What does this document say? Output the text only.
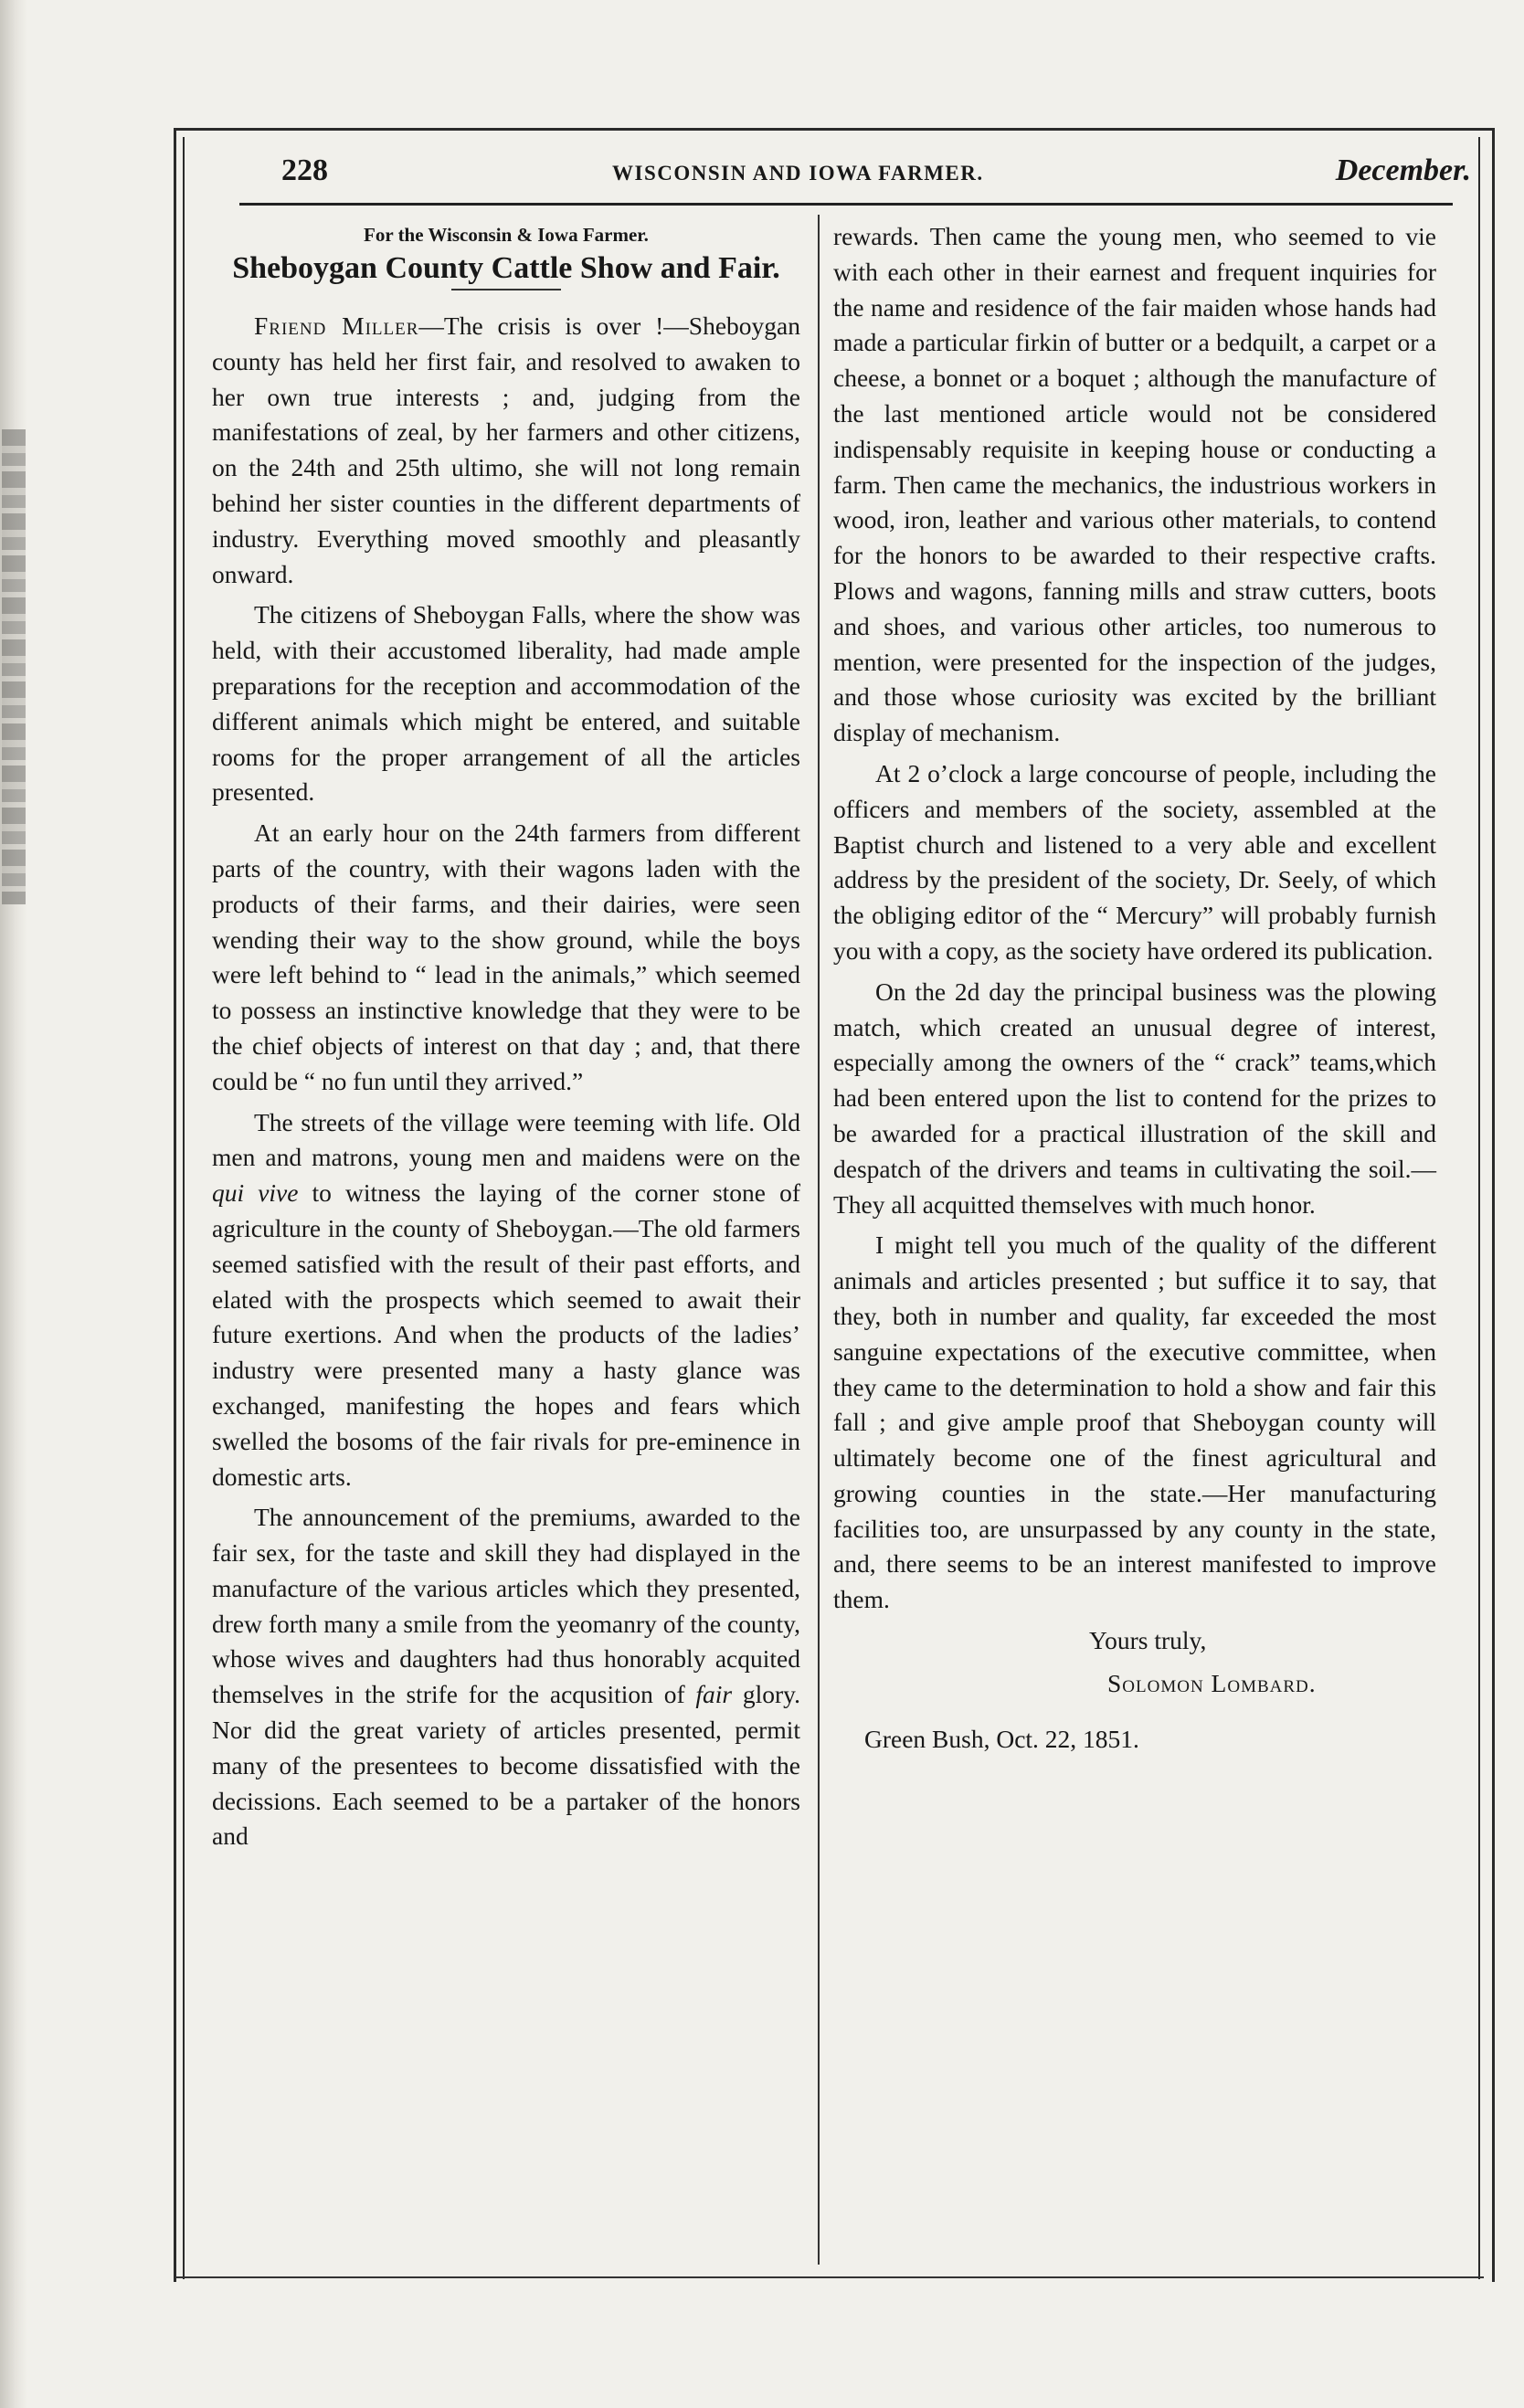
228	WISCONSIN AND IOWA FARMER.	December.
For the Wisconsin & Iowa Farmer.
Sheboygan County Cattle Show and Fair.

Friend Miller—The crisis is over !—Sheboygan county has held her first fair, and resolved to awaken to her own true interests ; and, judging from the manifestations of zeal, by her farmers and other citizens, on the 24th and 25th ultimo, she will not long remain behind her sister counties in the different departments of industry. Everything moved smoothly and pleasantly onward.

The citizens of Sheboygan Falls, where the show was held, with their accustomed liberality, had made ample preparations for the reception and accommodation of the different animals which might be entered, and suitable rooms for the proper arrangement of all the articles presented.

At an early hour on the 24th farmers from different parts of the country, with their wagons laden with the products of their farms, and their dairies, were seen wending their way to the show ground, while the boys were left behind to “ lead in the animals,” which seemed to possess an instinctive knowledge that they were to be the chief objects of interest on that day ; and, that there could be “ no fun until they arrived.”

The streets of the village were teeming with life. Old men and matrons, young men and maidens were on the qui vive to witness the laying of the corner stone of agriculture in the county of Sheboygan.—The old farmers seemed satisfied with the result of their past efforts, and elated with the prospects which seemed to await their future exertions. And when the products of the ladies’ industry were presented many a hasty glance was exchanged, manifesting the hopes and fears which swelled the bosoms of the fair rivals for pre-eminence in domestic arts.

The announcement of the premiums, awarded to the fair sex, for the taste and skill they had displayed in the manufacture of the various articles which they presented, drew forth many a smile from the yeomanry of the county, whose wives and daughters had thus honorably acquited themselves in the strife for the acqusition of fair glory. Nor did the great variety of articles presented, permit many of the presentees to become dissatisfied with the decissions. Each seemed to be a partaker of the honors and

rewards. Then came the young men, who seemed to vie with each other in their earnest and frequent inquiries for the name and residence of the fair maiden whose hands had made a particular firkin of butter or a bedquilt, a carpet or a cheese, a bonnet or a boquet ; although the manufacture of the last mentioned article would not be considered indispensably requisite in keeping house or conducting a farm. Then came the mechanics, the industrious workers in wood, iron, leather and various other materials, to contend for the honors to be awarded to their respective crafts. Plows and wagons, fanning mills and straw cutters, boots and shoes, and various other articles, too numerous to mention, were presented for the inspection of the judges, and those whose curiosity was excited by the brilliant display of mechanism.

At 2 o’clock a large concourse of people, including the officers and members of the society, assembled at the Baptist church and listened to a very able and excellent address by the president of the society, Dr. Seely, of which the obliging editor of the “ Mercury” will probably furnish you with a copy, as the society have ordered its publication.

On the 2d day the principal business was the plowing match, which created an unusual degree of interest, especially among the owners of the “ crack” teams,which had been entered upon the list to contend for the prizes to be awarded for a practical illustration of the skill and despatch of the drivers and teams in cultivating the soil.—They all acquitted themselves with much honor.

I might tell you much of the quality of the different animals and articles presented ; but suffice it to say, that they, both in number and quality, far exceeded the most sanguine expectations of the executive committee, when they came to the determination to hold a show and fair this fall ; and give ample proof that Sheboygan county will ultimately become one of the finest agricultural and growing counties in the state.—Her manufacturing facilities too, are unsurpassed by any county in the state, and, there seems to be an interest manifested to improve them.

Yours truly,

Solomon Lombard.

Green Bush, Oct. 22, 1851.
